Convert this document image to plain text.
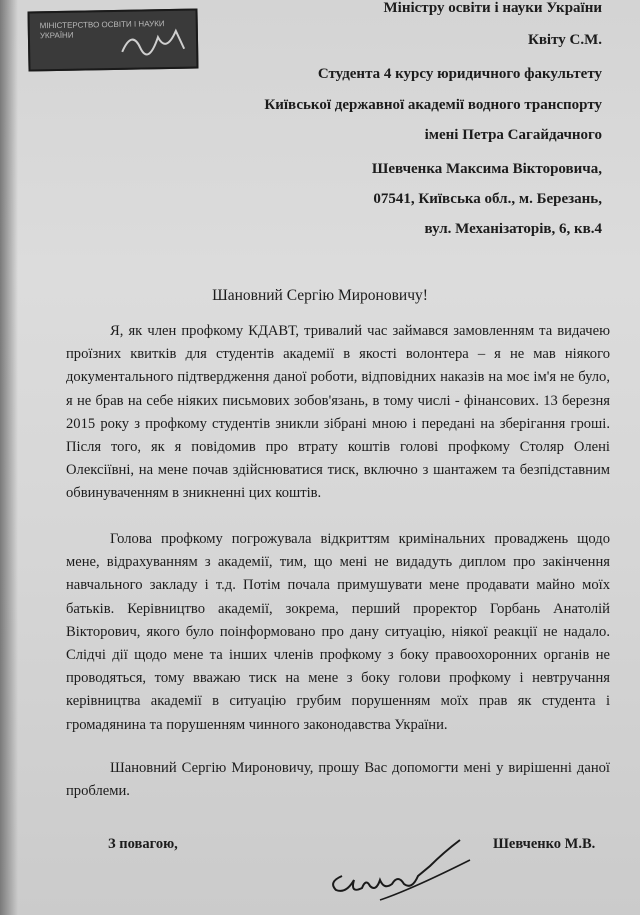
МІНІСТЕРСТВО ОСВІТИ І НАУКИ
УКРАЇНИ
Міністру освіти і науки України
Квіту С.М.
Студента 4 курсу юридичного факультету
Київської державної академії водного транспорту
імені Петра Сагайдачного
Шевченка Максима Вікторовича,
07541, Київська обл., м. Березань,
вул. Механізаторів, 6, кв.4
Шановний Сергію Мироновичу!
Я, як член профкому КДАВТ, тривалий час займався замовленням та видачею проїзних квитків для студентів академії в якості волонтера – я не мав ніякого документального підтвердження даної роботи, відповідних наказів на моє ім'я не було, я не брав на себе ніяких письмових зобов'язань, в тому числі - фінансових. 13 березня 2015 року з профкому студентів зникли зібрані мною і передані на зберігання гроші. Після того, як я повідомив про втрату коштів голові профкому Столяр Олені Олексіївні, на мене почав здійснюватися тиск, включно з шантажем та безпідставним обвинуваченням в зникненні цих коштів.
Голова профкому погрожувала відкриттям кримінальних проваджень щодо мене, відрахуванням з академії, тим, що мені не видадуть диплом про закінчення навчального закладу і т.д. Потім почала примушувати мене продавати майно моїх батьків. Керівництво академії, зокрема, перший проректор Горбань Анатолій Вікторович, якого було поінформовано про дану ситуацію, ніякої реакції не надало. Слідчі дії щодо мене та інших членів профкому з боку правоохоронних органів не проводяться, тому вважаю тиск на мене з боку голови профкому і невтручання керівництва академії в ситуацію грубим порушенням моїх прав як студента і громадянина та порушенням чинного законодавства України.
Шановний Сергію Мироновичу, прошу Вас допомогти мені у вирішенні даної проблеми.
З повагою,	Шевченко М.В.
